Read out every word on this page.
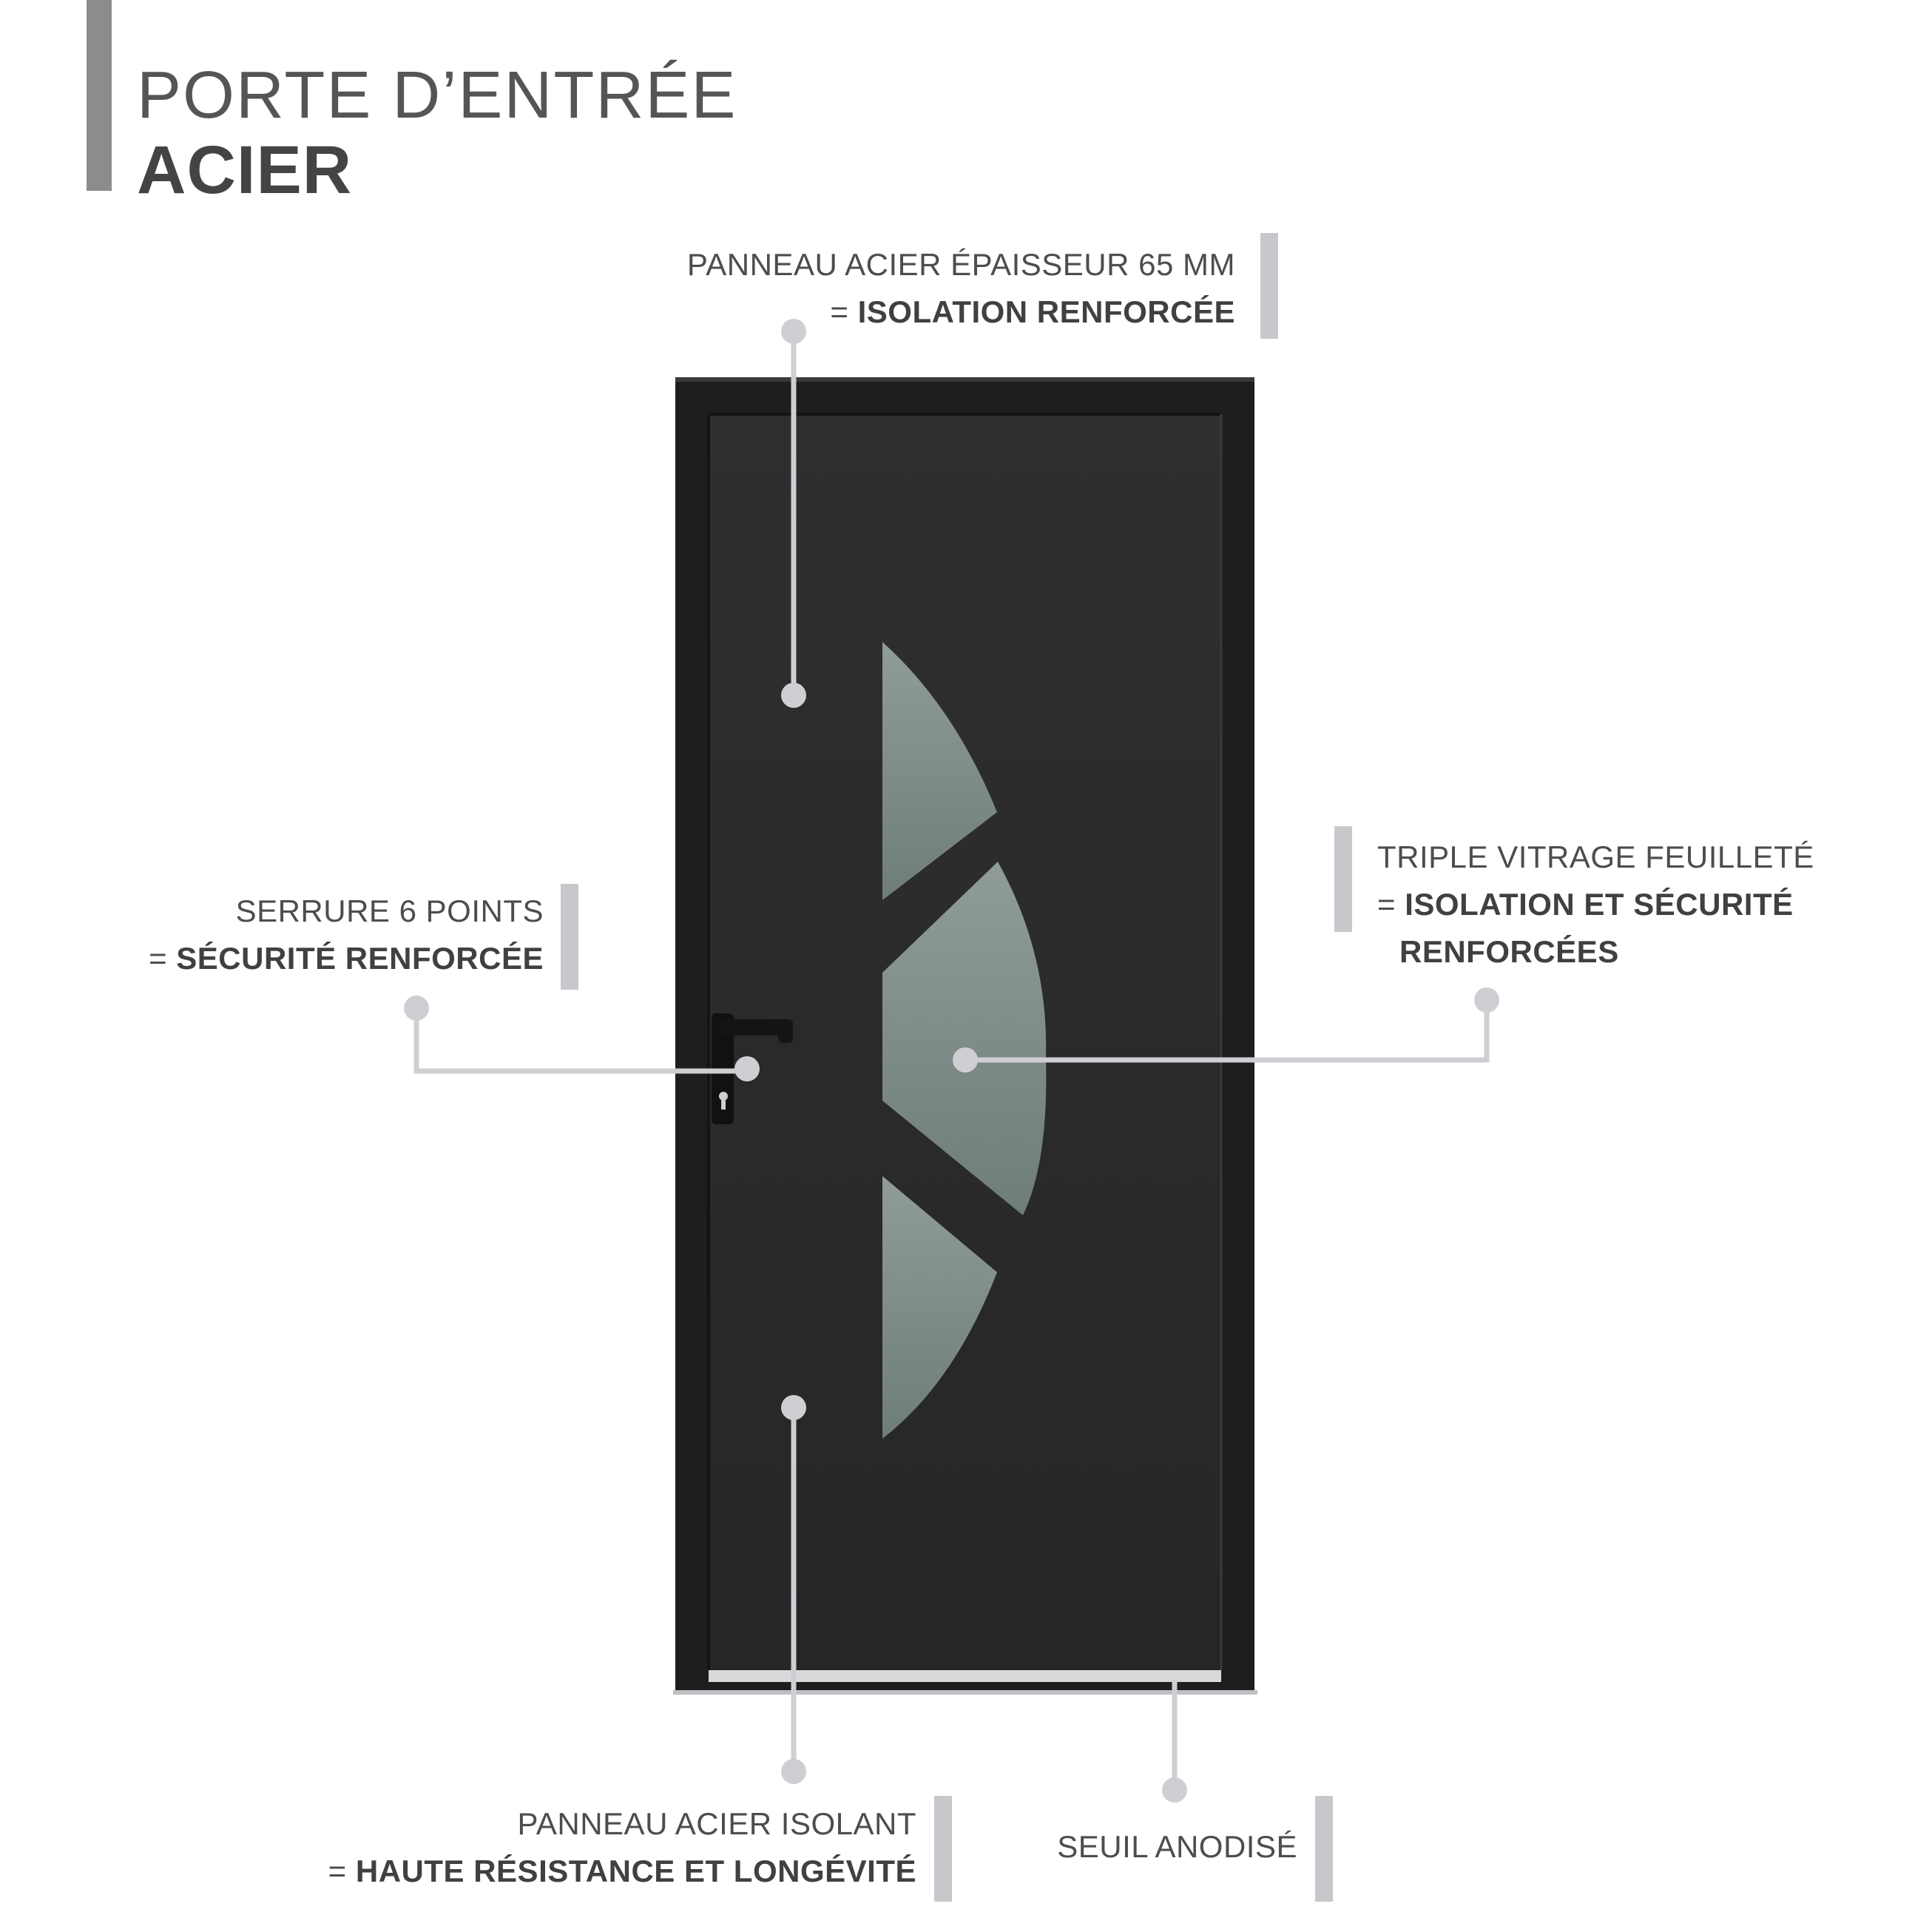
PORTE D’ENTRÉE
ACIER
PANNEAU ACIER ÉPAISSEUR 65 MM
= ISOLATION RENFORCÉE
SERRURE 6 POINTS
= SÉCURITÉ RENFORCÉE
TRIPLE VITRAGE FEUILLETÉ
= ISOLATION ET SÉCURITÉ
RENFORCÉES
PANNEAU ACIER ISOLANT
= HAUTE RÉSISTANCE ET LONGÉVITÉ
SEUIL ANODISÉ
